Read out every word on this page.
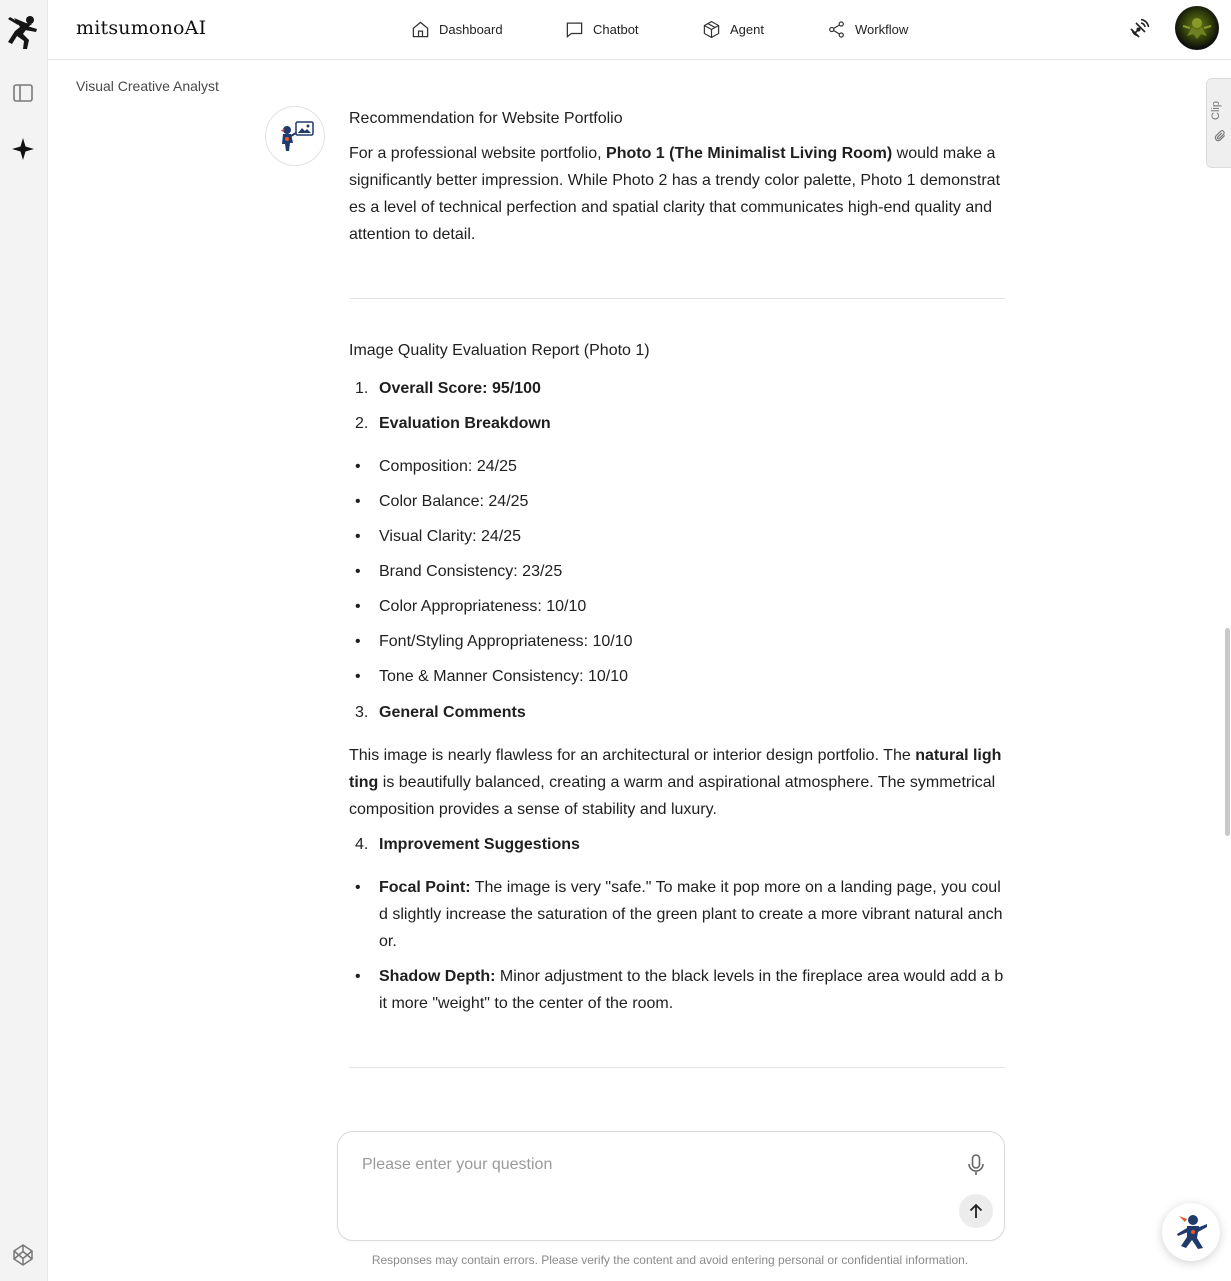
mitsumonoAI	Dashboard	Chatbot	Agent	Workflow
Visual Creative Analyst
Clip
Recommendation for Website Portfolio
For a professional website portfolio, Photo 1 (The Minimalist Living Room) would make a significantly better impression. While Photo 2 has a trendy color palette, Photo 1 demonstrates a level of technical perfection and spatial clarity that communicates high-end quality and attention to detail.
Image Quality Evaluation Report (Photo 1)
1. Overall Score: 95/100
2. Evaluation Breakdown
• Composition: 24/25
• Color Balance: 24/25
• Visual Clarity: 24/25
• Brand Consistency: 23/25
• Color Appropriateness: 10/10
• Font/Styling Appropriateness: 10/10
• Tone & Manner Consistency: 10/10
3. General Comments
This image is nearly flawless for an architectural or interior design portfolio. The natural lighting is beautifully balanced, creating a warm and aspirational atmosphere. The symmetrical composition provides a sense of stability and luxury.
4. Improvement Suggestions
• Focal Point: The image is very "safe." To make it pop more on a landing page, you could slightly increase the saturation of the green plant to create a more vibrant natural anchor.
• Shadow Depth: Minor adjustment to the black levels in the fireplace area would add a bit more "weight" to the center of the room.
Please enter your question
Responses may contain errors. Please verify the content and avoid entering personal or confidential information.
